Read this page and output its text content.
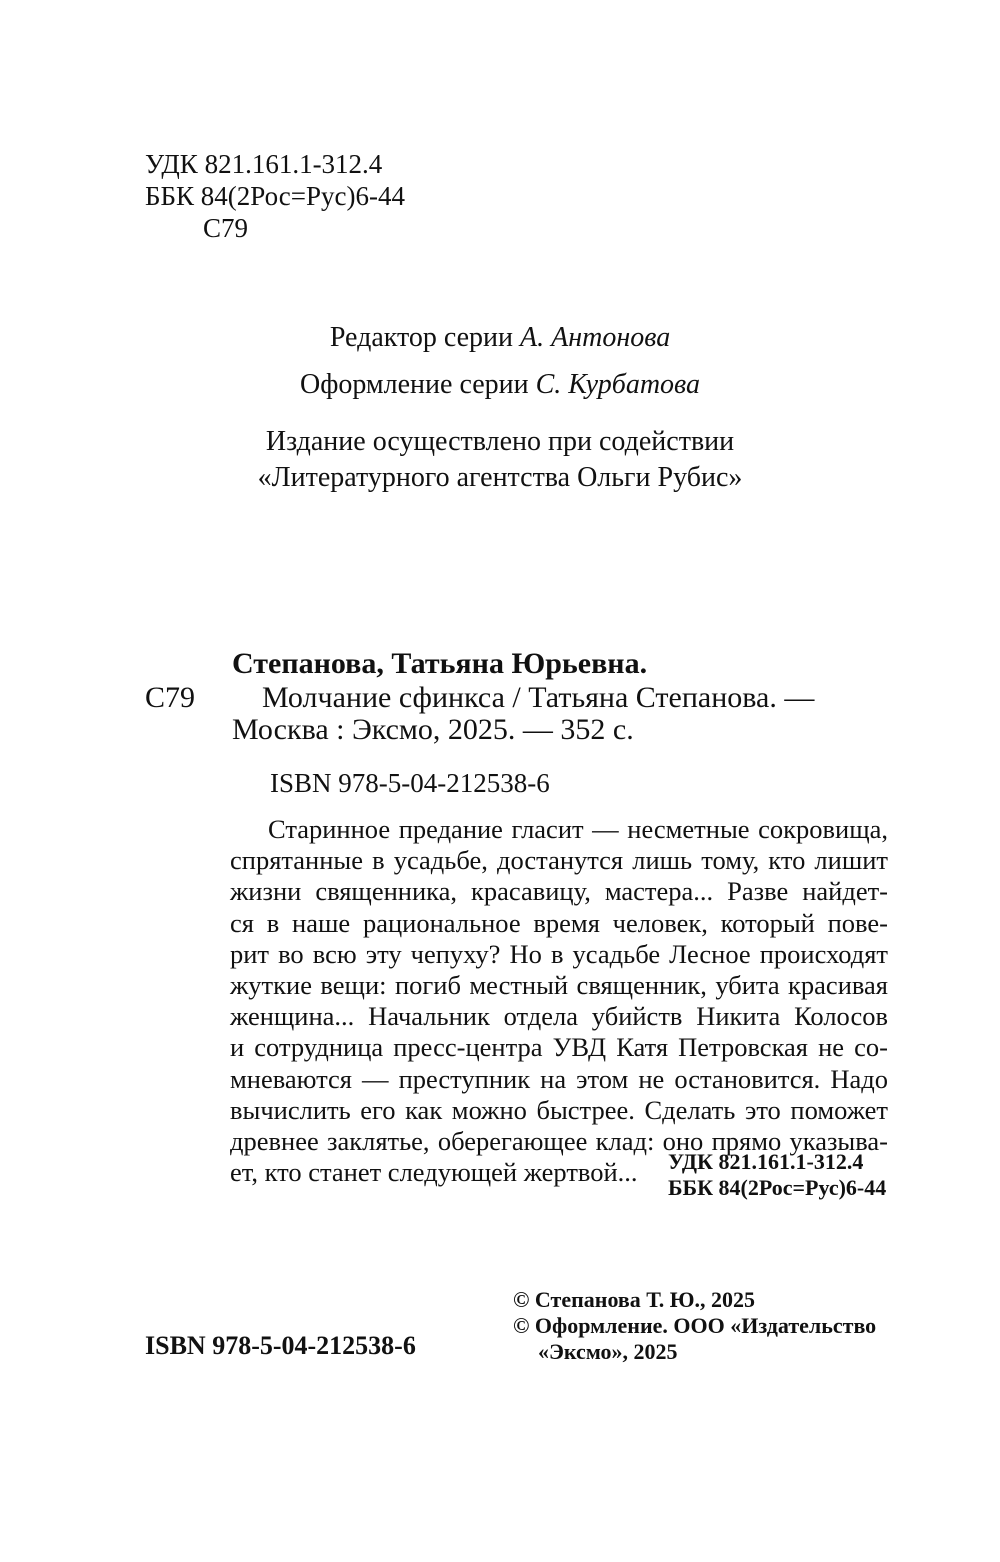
УДК 821.161.1-312.4
ББК 84(2Рос=Рус)6-44
С79
Редактор серии А. Антонова
Оформление серии С. Курбатова
Издание осуществлено при содействии
«Литературного агентства Ольги Рубис»
Степанова, Татьяна Юрьевна.
С79 Молчание сфинкса / Татьяна Степанова. —
Москва : Эксмо, 2025. — 352 с.
ISBN 978-5-04-212538-6
Старинное предание гласит — несметные сокровища,
спрятанные в усадьбе, достанутся лишь тому, кто лишит
жизни священника, красавицу, мастера... Разве найдет-
ся в наше рациональное время человек, который пове-
рит во всю эту чепуху? Но в усадьбе Лесное происходят
жуткие вещи: погиб местный священник, убита красивая
женщина... Начальник отдела убийств Никита Колосов
и сотрудница пресс-центра УВД Катя Петровская не со-
мневаются — преступник на этом не остановится. Надо
вычислить его как можно быстрее. Сделать это поможет
древнее заклятье, оберегающее клад: оно прямо указыва-
ет, кто станет следующей жертвой...	УДК 821.161.1-312.4
ББК 84(2Рос=Рус)6-44
ISBN 978-5-04-212538-6
© Степанова Т. Ю., 2025
© Оформление. ООО «Издательство
«Эксмо», 2025
